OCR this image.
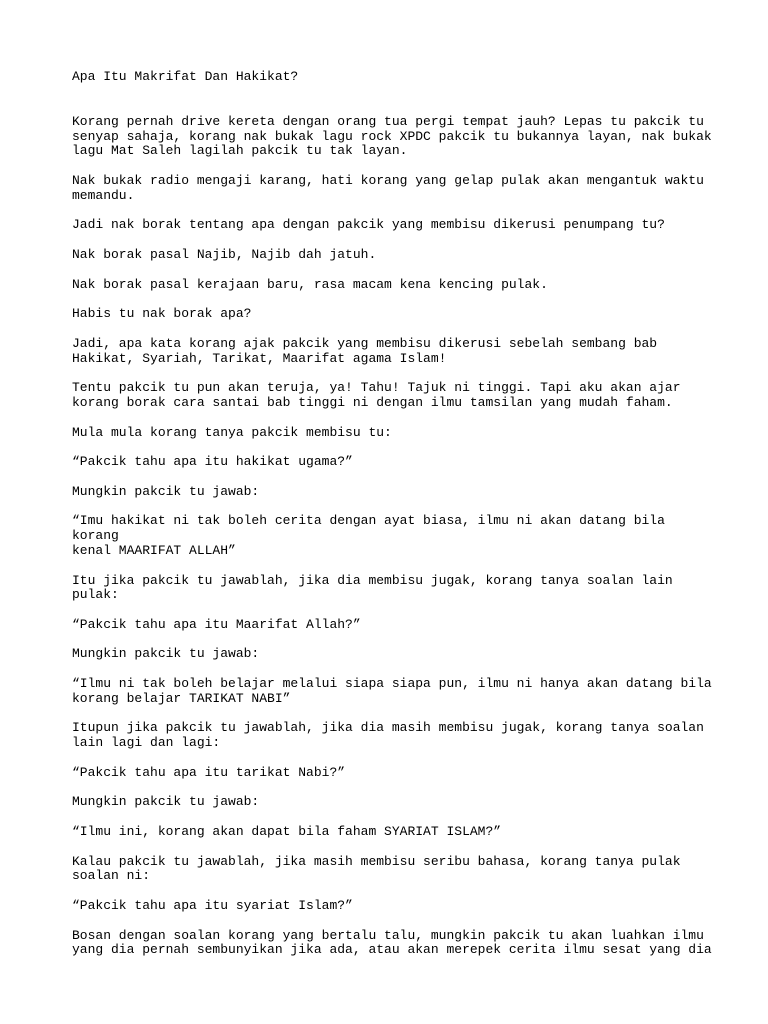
Apa Itu Makrifat Dan Hakikat?
Korang pernah drive kereta dengan orang tua pergi tempat jauh? Lepas tu pakcik tu
senyap sahaja, korang nak bukak lagu rock XPDC pakcik tu bukannya layan, nak bukak
lagu Mat Saleh lagilah pakcik tu tak layan.
Nak bukak radio mengaji karang, hati korang yang gelap pulak akan mengantuk waktu
memandu.
Jadi nak borak tentang apa dengan pakcik yang membisu dikerusi penumpang tu?
Nak borak pasal Najib, Najib dah jatuh.
Nak borak pasal kerajaan baru, rasa macam kena kencing pulak.
Habis tu nak borak apa?
Jadi, apa kata korang ajak pakcik yang membisu dikerusi sebelah sembang bab
Hakikat, Syariah, Tarikat, Maarifat agama Islam!
Tentu pakcik tu pun akan teruja, ya! Tahu! Tajuk ni tinggi. Tapi aku akan ajar
korang borak cara santai bab tinggi ni dengan ilmu tamsilan yang mudah faham.
Mula mula korang tanya pakcik membisu tu:
“Pakcik tahu apa itu hakikat ugama?”
Mungkin pakcik tu jawab:
“Imu hakikat ni tak boleh cerita dengan ayat biasa, ilmu ni akan datang bila korang
kenal MAARIFAT ALLAH”
Itu jika pakcik tu jawablah, jika dia membisu jugak, korang tanya soalan lain
pulak:
“Pakcik tahu apa itu Maarifat Allah?”
Mungkin pakcik tu jawab:
“Ilmu ni tak boleh belajar melalui siapa siapa pun, ilmu ni hanya akan datang bila
korang belajar TARIKAT NABI”
Itupun jika pakcik tu jawablah, jika dia masih membisu jugak, korang tanya soalan
lain lagi dan lagi:
“Pakcik tahu apa itu tarikat Nabi?”
Mungkin pakcik tu jawab:
“Ilmu ini, korang akan dapat bila faham SYARIAT ISLAM?”
Kalau pakcik tu jawablah, jika masih membisu seribu bahasa, korang tanya pulak
soalan ni:
“Pakcik tahu apa itu syariat Islam?”
Bosan dengan soalan korang yang bertalu talu, mungkin pakcik tu akan luahkan ilmu
yang dia pernah sembunyikan jika ada, atau akan merepek cerita ilmu sesat yang dia
